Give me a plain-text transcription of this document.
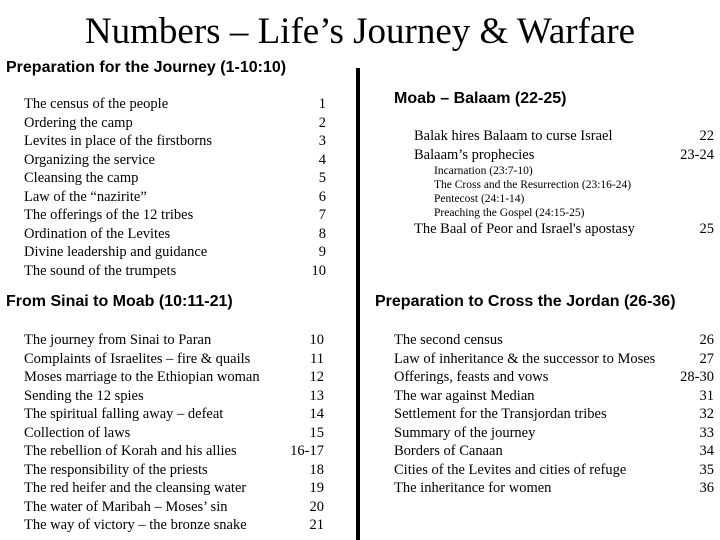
Numbers – Life’s Journey & Warfare
Preparation for the Journey (1-10:10)
The census of the people	1
Ordering the camp	2
Levites in place of the firstborns	3
Organizing the service	4
Cleansing the camp	5
Law of the “nazirite”	6
The offerings of the 12 tribes	7
Ordination of the Levites	8
Divine leadership and guidance	9
The sound of the trumpets	10
From Sinai to Moab (10:11-21)
The journey from Sinai to Paran	10
Complaints of Israelites – fire & quails	11
Moses marriage to the Ethiopian woman	12
Sending the 12 spies	13
The spiritual falling away – defeat	14
Collection of laws	15
The rebellion of Korah and his allies	16-17
The responsibility of the priests	18
The red heifer and the cleansing water	19
The water of Maribah – Moses’ sin	20
The way of victory – the bronze snake	21
Moab – Balaam (22-25)
Balak hires Balaam to curse Israel	22
Balaam’s prophecies	23-24
Incarnation (23:7-10)
The Cross and the Resurrection (23:16-24)
Pentecost (24:1-14)
Preaching the Gospel (24:15-25)
The Baal of Peor and Israel's apostasy	25
Preparation to Cross the Jordan (26-36)
The second census	26
Law of inheritance & the successor to Moses	27
Offerings, feasts and vows	28-30
The war against Median	31
Settlement for the Transjordan tribes	32
Summary of the journey	33
Borders of Canaan	34
Cities of the Levites and cities of refuge	35
The inheritance for women	36
